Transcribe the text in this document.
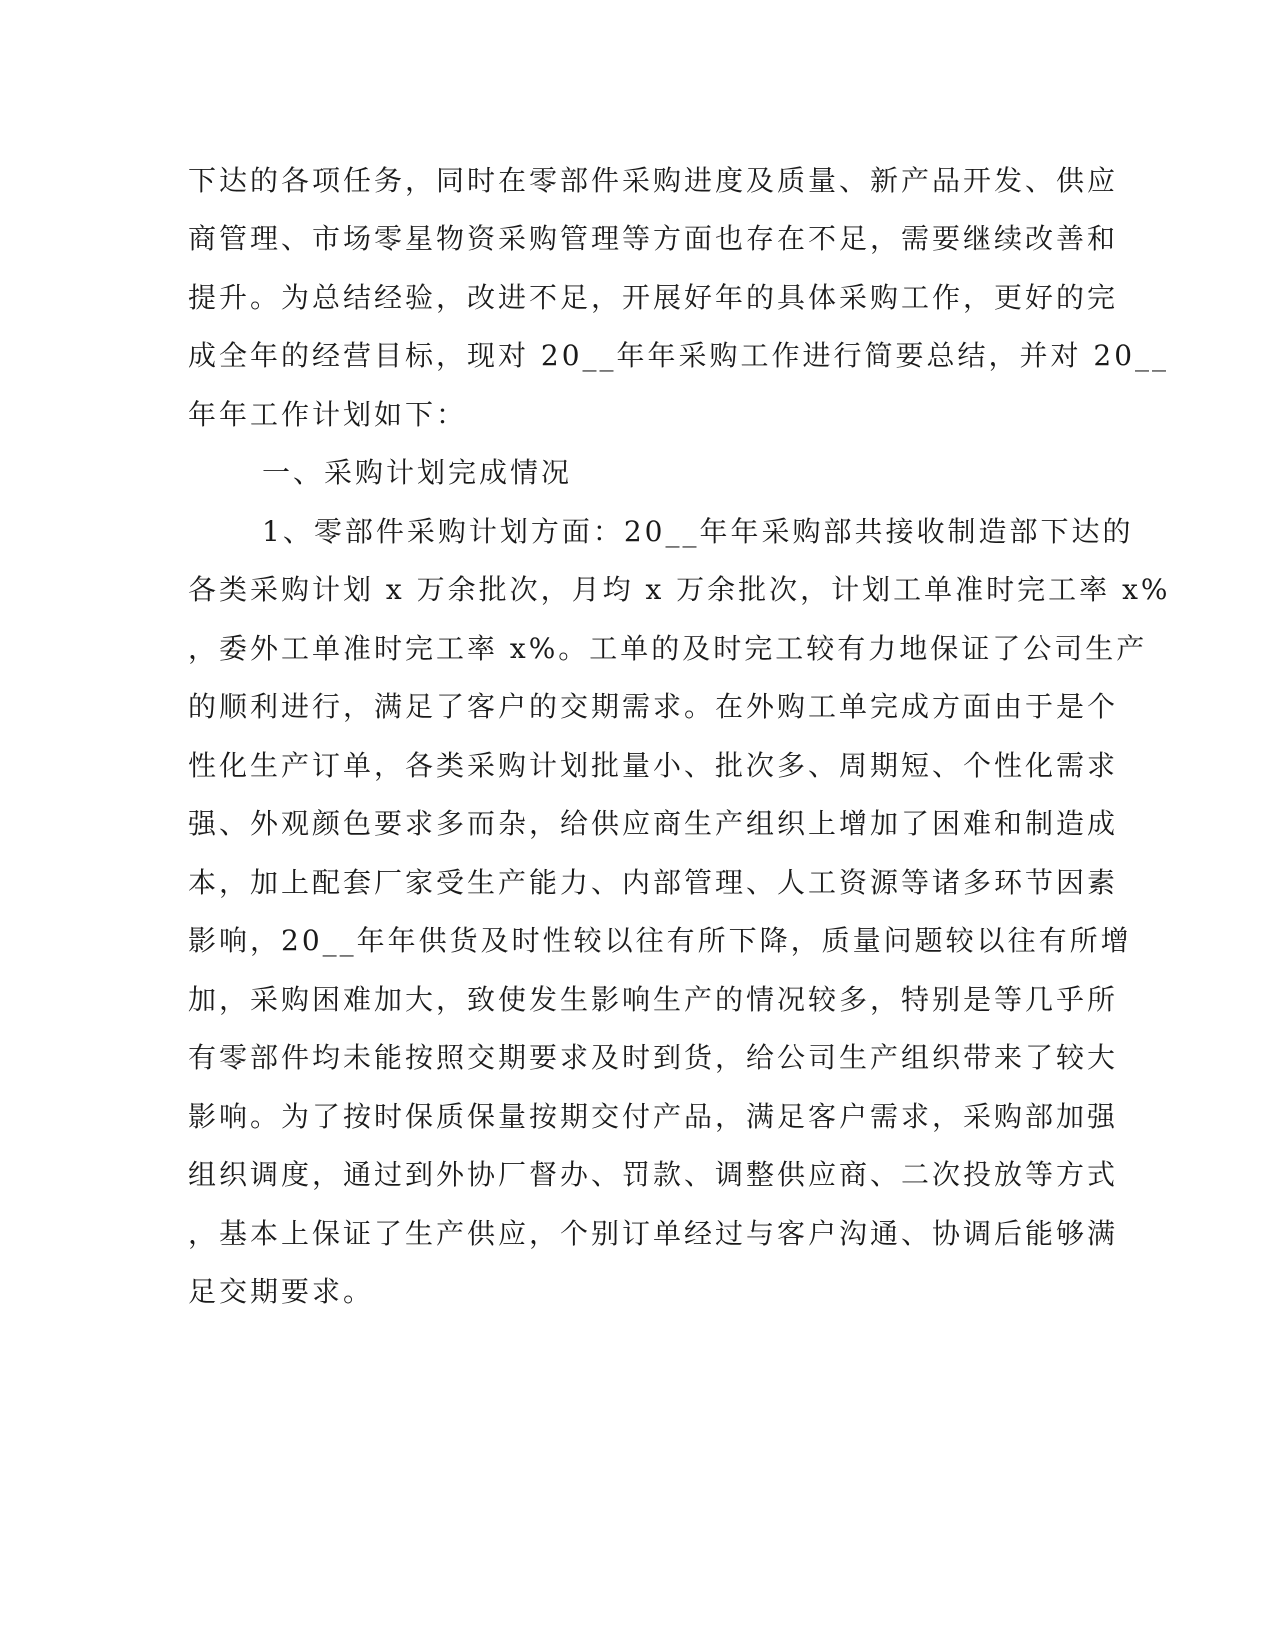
下达的各项任务，同时在零部件采购进度及质量、新产品开发、供应
商管理、市场零星物资采购管理等方面也存在不足，需要继续改善和
提升。为总结经验，改进不足，开展好年的具体采购工作，更好的完
成全年的经营目标，现对 20__年年采购工作进行简要总结，并对 20__
年年工作计划如下：
一、采购计划完成情况
1、零部件采购计划方面：20__年年采购部共接收制造部下达的
各类采购计划 x 万余批次，月均 x 万余批次，计划工单准时完工率 x%
，委外工单准时完工率 x%。工单的及时完工较有力地保证了公司生产
的顺利进行，满足了客户的交期需求。在外购工单完成方面由于是个
性化生产订单，各类采购计划批量小、批次多、周期短、个性化需求
强、外观颜色要求多而杂，给供应商生产组织上增加了困难和制造成
本，加上配套厂家受生产能力、内部管理、人工资源等诸多环节因素
影响，20__年年供货及时性较以往有所下降，质量问题较以往有所增
加，采购困难加大，致使发生影响生产的情况较多，特别是等几乎所
有零部件均未能按照交期要求及时到货，给公司生产组织带来了较大
影响。为了按时保质保量按期交付产品，满足客户需求，采购部加强
组织调度，通过到外协厂督办、罚款、调整供应商、二次投放等方式
，基本上保证了生产供应，个别订单经过与客户沟通、协调后能够满
足交期要求。
